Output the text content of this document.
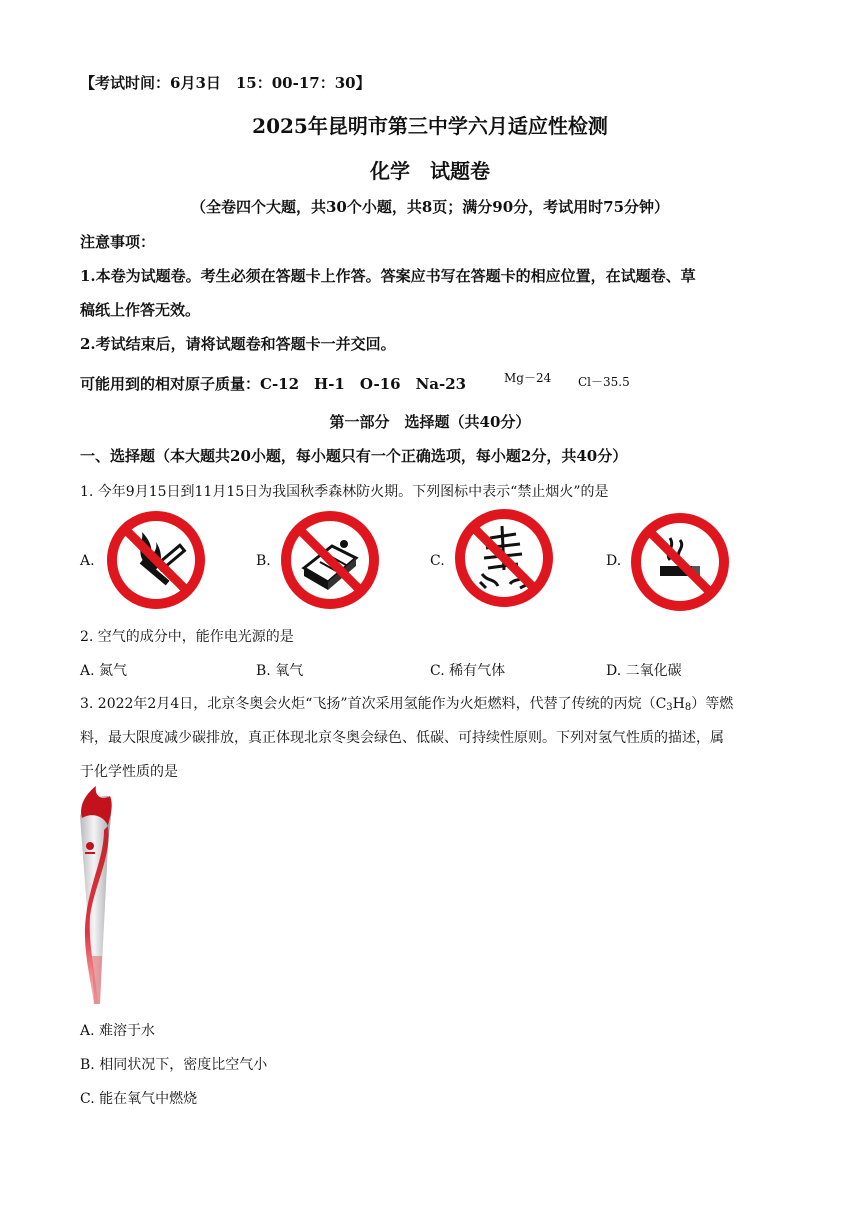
【考试时间：6月3日　15：00-17：30】
2025年昆明市第三中学六月适应性检测
化学　试题卷
（全卷四个大题，共30个小题，共8页；满分90分，考试用时75分钟）
注意事项：
1.本卷为试题卷。考生必须在答题卡上作答。答案应书写在答题卡的相应位置，在试题卷、草
稿纸上作答无效。
2.考试结束后，请将试题卷和答题卡一并交回。
可能用到的相对原子质量：C-12　H-1　O-16　Na-23	Mg－24 Cl－35.5
第一部分　选择题（共40分）
一、选择题（本大题共20小题，每小题只有一个正确选项，每小题2分，共40分）
1. 今年9月15日到11月15日为我国秋季森林防火期。下列图标中表示“禁止烟火”的是
A.	B.	C.	D.
2. 空气的成分中，能作电光源的是
A. 氮气	B. 氧气	C. 稀有气体	D. 二氧化碳
3. 2022年2月4日，北京冬奥会火炬“飞扬”首次采用氢能作为火炬燃料，代替了传统的丙烷$(C_3H_8)$等燃
料，最大限度减少碳排放，真正体现北京冬奥会绿色、低碳、可持续性原则。下列对氢气性质的描述，属
于化学性质的是
A. 难溶于水
B. 相同状况下，密度比空气小
C. 能在氧气中燃烧
